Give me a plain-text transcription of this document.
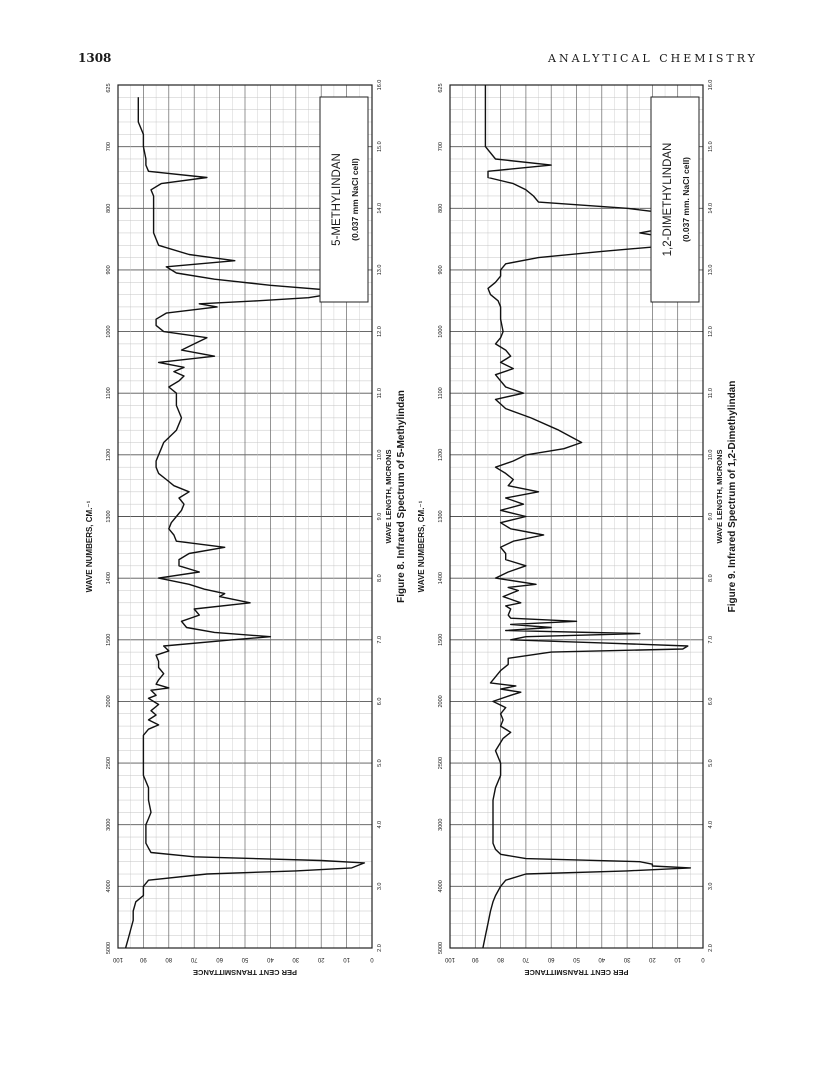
1308	ANALYTICAL CHEMISTRY
2.0
3.0
4.0
5.0
6.0
7.0
8.0
9.0
10.0
11.0
12.0
13.0
14.0
15.0
16.0
5000
4000
3000
2500
2000
1500
1400
1300
1200
1100
1000
900
800
700
625
100	90	80	70	60	50	40	30	20	10	0
PER CENT TRANSMITTANCE
WAVE NUMBERS, CM.⁻¹
WAVE LENGTH, MICRONS
Figure 8. Infrared Spectrum of 5-Methylindan
5-METHYLINDAN (0.037 mm NaCl cell)
2.0
3.0
4.0
5.0
6.0
7.0
8.0
9.0
10.0
11.0
12.0
13.0
14.0
15.0
16.0
5000
4000
3000
2500
2000
1500
1400
1300
1200
1100
1000
900
800
700
625
100	90	80	70	60	50	40	30	20	10	0
PER CENT TRANSMITTANCE
WAVE NUMBERS, CM.⁻¹
WAVE LENGTH, MICRONS
Figure 9. Infrared Spectrum of 1,2-Dimethylindan
1,2-DIMETHYLINDAN (0.037 mm. NaCl cell)
